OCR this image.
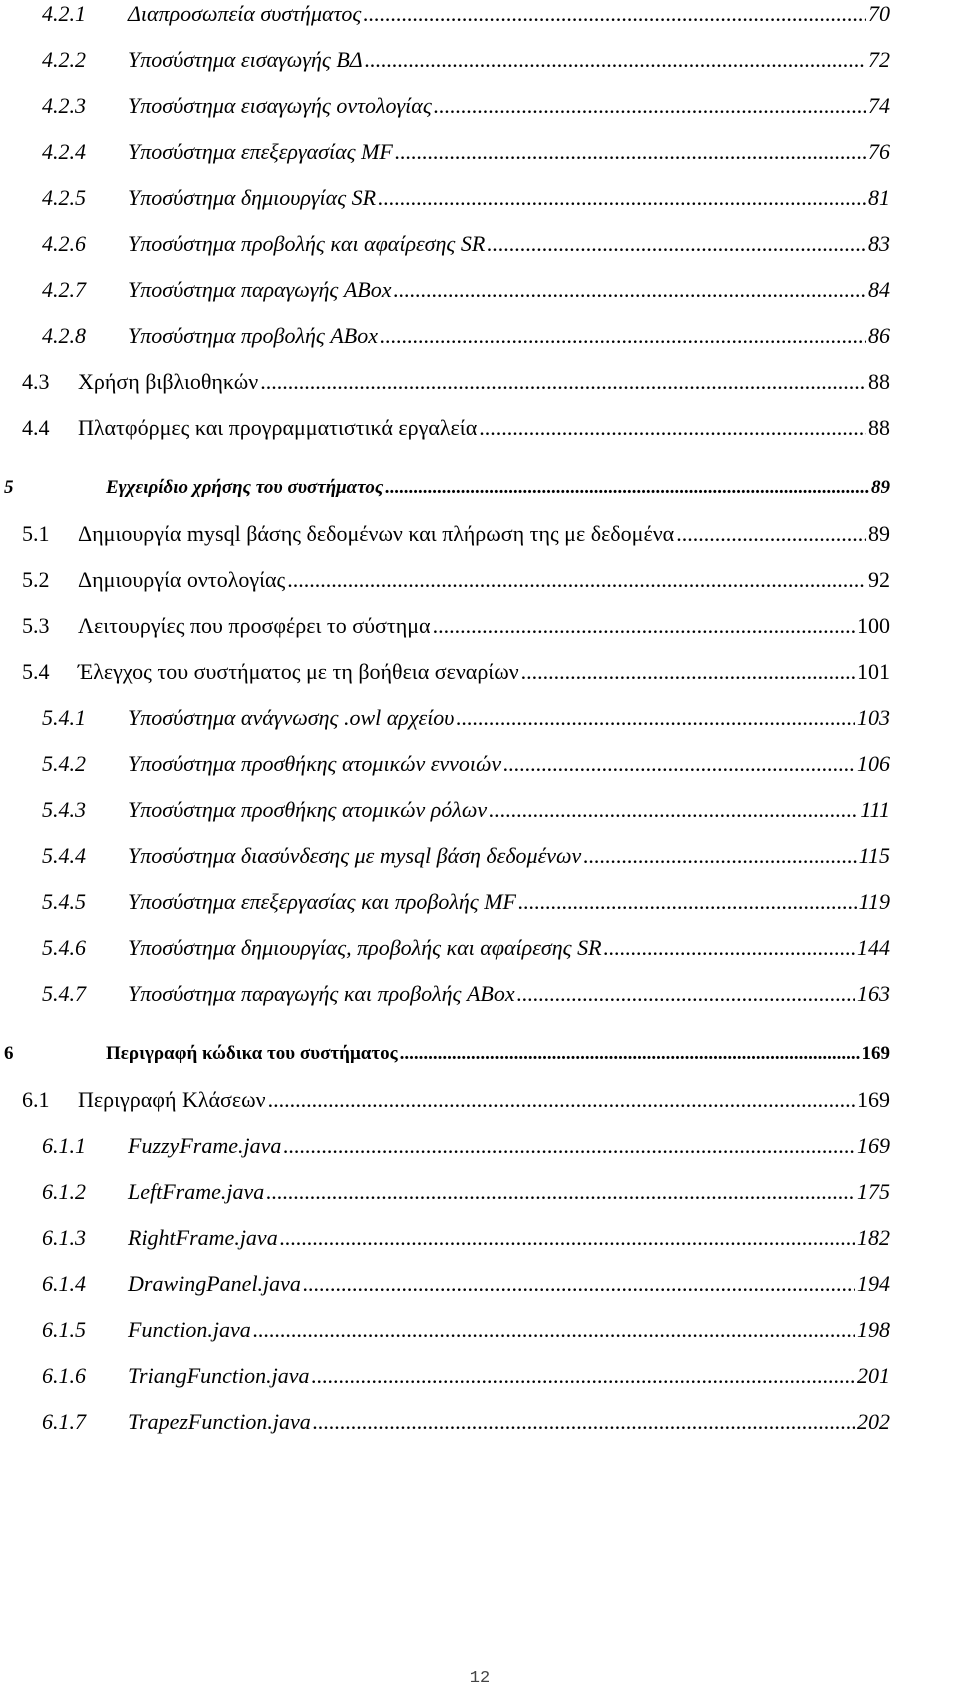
4.2.1 Διαπροσωπεία συστήματος .....	70
4.2.2 Υποσύστημα εισαγωγής ΒΔ .....	72
4.2.3 Υποσύστημα εισαγωγής οντολογίας .....	74
4.2.4 Υποσύστημα επεξεργασίας MF .....	76
4.2.5 Υποσύστημα δημιουργίας SR .....	81
4.2.6 Υποσύστημα προβολής και αφαίρεσης SR .....	83
4.2.7 Υποσύστημα παραγωγής ABox .....	84
4.2.8 Υποσύστημα προβολής ABox .....	86
4.3 Χρήση βιβλιοθηκών .....	88
4.4 Πλατφόρμες και προγραμματιστικά εργαλεία .....	88
5	Εγχειρίδιο χρήσης του συστήματος .....	89
5.1 Δημιουργία mysql βάσης δεδομένων και πλήρωση της με δεδομένα .....	89
5.2 Δημιουργία οντολογίας .....	92
5.3 Λειτουργίες που προσφέρει το σύστημα .....	100
5.4 Έλεγχος του συστήματος με τη βοήθεια σεναρίων .....	101
5.4.1 Υποσύστημα ανάγνωσης .owl αρχείου .....	103
5.4.2 Υποσύστημα προσθήκης ατομικών εννοιών .....	106
5.4.3 Υποσύστημα προσθήκης ατομικών ρόλων .....	111
5.4.4 Υποσύστημα διασύνδεσης με mysql βάση δεδομένων .....	115
5.4.5 Υποσύστημα επεξεργασίας και προβολής MF .....	119
5.4.6 Υποσύστημα δημιουργίας, προβολής και αφαίρεσης SR .....	144
5.4.7 Υποσύστημα παραγωγής και προβολής ABox .....	163
6	Περιγραφή κώδικα του συστήματος .....	169
6.1 Περιγραφή Κλάσεων .....	169
6.1.1 FuzzyFrame.java .....	169
6.1.2 LeftFrame.java .....	175
6.1.3 RightFrame.java .....	182
6.1.4 DrawingPanel.java .....	194
6.1.5 Function.java .....	198
6.1.6 TriangFunction.java .....	201
6.1.7 TrapezFunction.java .....	202
12
